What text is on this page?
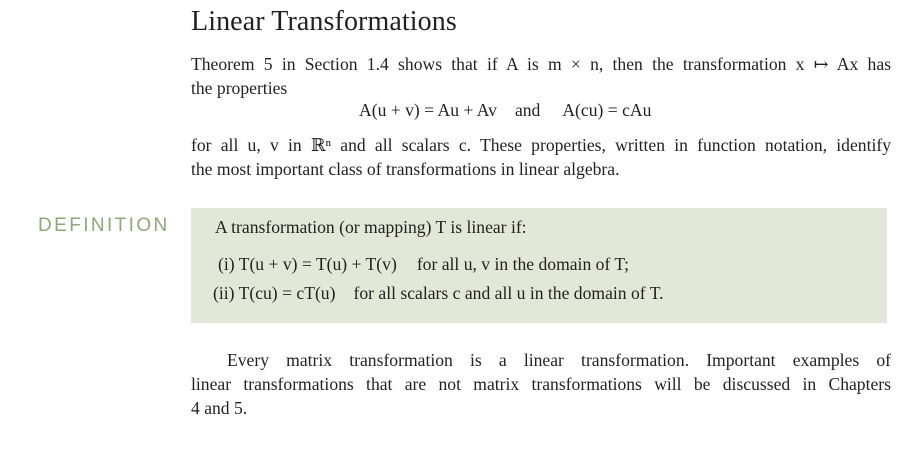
Linear Transformations
Theorem 5 in Section 1.4 shows that if A is m × n, then the transformation x ↦ Ax has
the properties
A(u + v) = Au + Av and A(cu) = cAu
for all u, v in ℝⁿ and all scalars c. These properties, written in function notation, identify
the most important class of transformations in linear algebra.
DEFINITION	A transformation (or mapping) T is linear if:
(i) T(u + v) = T(u) + T(v) for all u, v in the domain of T;
(ii) T(cu) = cT(u) for all scalars c and all u in the domain of T.
Every matrix transformation is a linear transformation. Important examples of
linear transformations that are not matrix transformations will be discussed in Chapters
4 and 5.
